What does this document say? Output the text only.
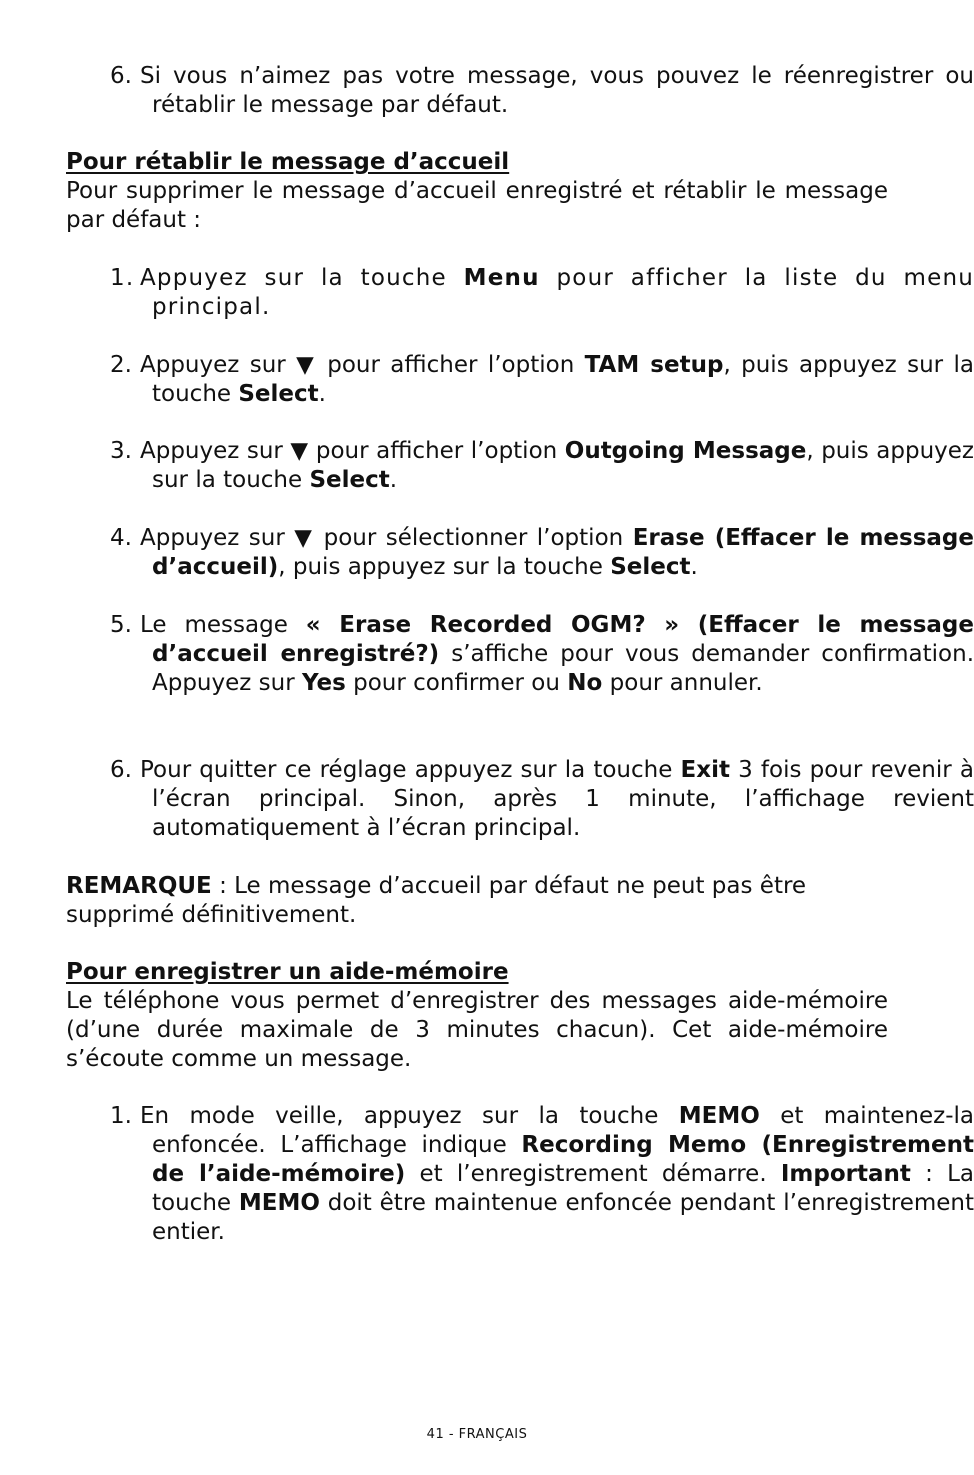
6. Si vous n’aimez pas votre message, vous pouvez le réenregistrer ou rétablir le message par défaut.
Pour rétablir le message d’accueil
Pour supprimer le message d’accueil enregistré et rétablir le message par défaut :
1. Appuyez sur la touche Menu pour afficher la liste du menu principal.
2. Appuyez sur ▼ pour afficher l’option TAM setup, puis appuyez sur la touche Select.
3. Appuyez sur ▼ pour afficher l’option Outgoing Message, puis appuyez sur la touche Select.
4. Appuyez sur ▼ pour sélectionner l’option Erase (Effacer le message d’accueil), puis appuyez sur la touche Select.
5. Le message « Erase Recorded OGM? » (Effacer le message d’accueil enregistré?) s’affiche pour vous demander confirmation. Appuyez sur Yes pour confirmer ou No pour annuler.
6. Pour quitter ce réglage appuyez sur la touche Exit 3 fois pour revenir à l’écran principal. Sinon, après 1 minute, l’affichage revient automatiquement à l’écran principal.
REMARQUE : Le message d’accueil par défaut ne peut pas être supprimé définitivement.
Pour enregistrer un aide-mémoire
Le téléphone vous permet d’enregistrer des messages aide-mémoire (d’une durée maximale de 3 minutes chacun). Cet aide-mémoire s’écoute comme un message.
1. En mode veille, appuyez sur la touche MEMO et maintenez-la enfoncée. L’affichage indique Recording Memo (Enregistrement de l’aide-mémoire) et l’enregistrement démarre. Important : La touche MEMO doit être maintenue enfoncée pendant l’enregistrement entier.
41 - FRANÇAIS
